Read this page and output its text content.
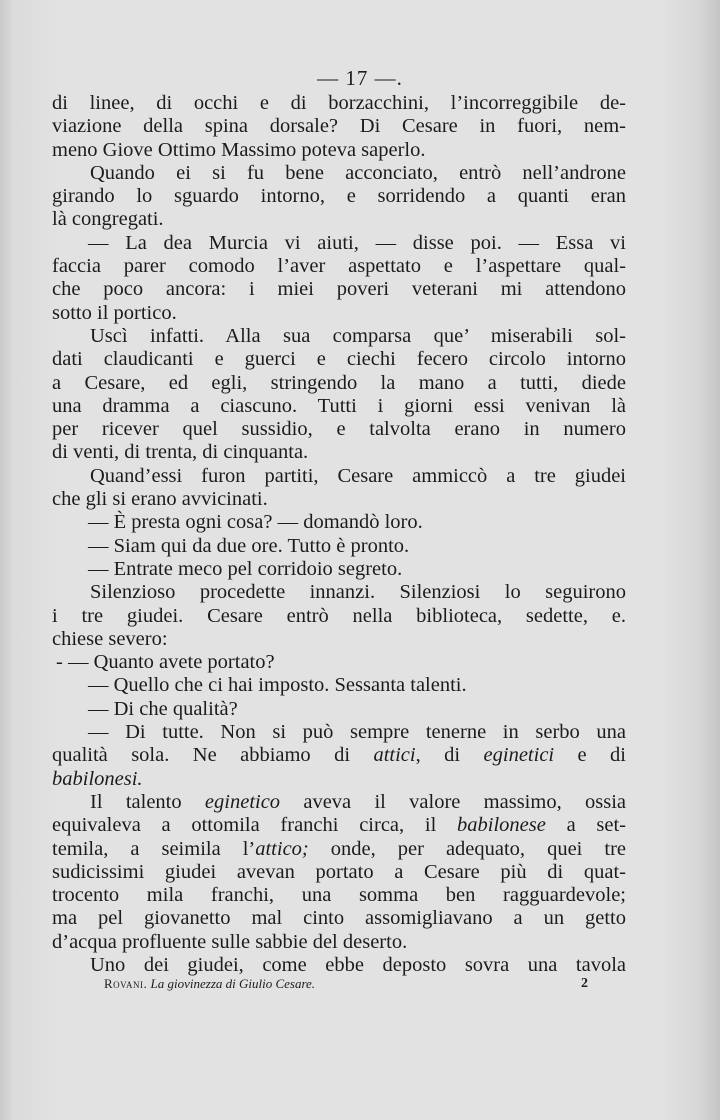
— 17 —.
di linee, di occhi e di borzacchini, l’incorreggibile de-
viazione della spina dorsale? Di Cesare in fuori, nem-
meno Giove Ottimo Massimo poteva saperlo.
Quando ei si fu bene acconciato, entrò nell’androne
girando lo sguardo intorno, e sorridendo a quanti eran
là congregati.
— La dea Murcia vi aiuti, — disse poi. — Essa vi
faccia parer comodo l’aver aspettato e l’aspettare qual-
che poco ancora: i miei poveri veterani mi attendono
sotto il portico.
Uscì infatti. Alla sua comparsa que’ miserabili sol-
dati claudicanti e guerci e ciechi fecero circolo intorno
a Cesare, ed egli, stringendo la mano a tutti, diede
una dramma a ciascuno. Tutti i giorni essi venivan là
per ricever quel sussidio, e talvolta erano in numero
di venti, di trenta, di cinquanta.
Quand’essi furon partiti, Cesare ammiccò a tre giudei
che gli si erano avvicinati.
— È presta ogni cosa? — domandò loro.
— Siam qui da due ore. Tutto è pronto.
— Entrate meco pel corridoio segreto.
Silenzioso procedette innanzi. Silenziosi lo seguirono
i tre giudei. Cesare entrò nella biblioteca, sedette, e.
chiese severo:
- — Quanto avete portato?
— Quello che ci hai imposto. Sessanta talenti.
— Di che qualità?
— Di tutte. Non si può sempre tenerne in serbo una
qualità sola. Ne abbiamo di attici, di eginetici e di
babilonesi.
Il talento eginetico aveva il valore massimo, ossia
equivaleva a ottomila franchi circa, il babilonese a set-
temila, a seimila l’attico; onde, per adequato, quei tre
sudicissimi giudei avevan portato a Cesare più di quat-
trocento mila franchi, una somma ben ragguardevole;
ma pel giovanetto mal cinto assomigliavano a un getto
d’acqua profluente sulle sabbie del deserto.
Uno dei giudei, come ebbe deposto sovra una tavola
Rovani. La giovinezza di Giulio Cesare.	2
